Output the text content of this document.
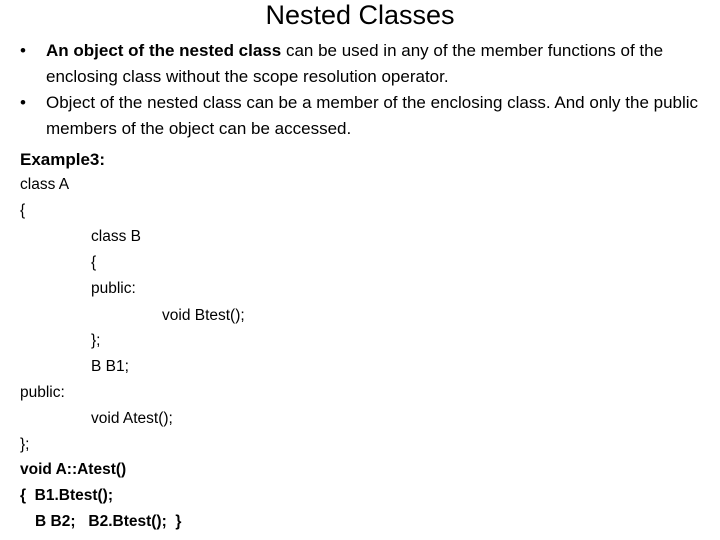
Nested Classes
• An object of the nested class can be used in any of the member functions of the enclosing class without the scope resolution operator.
• Object of the nested class can be a member of the enclosing class. And only the public members of the object can be accessed.
Example3:
class A
{
class B
{
public:
void Btest();
};
B B1;
public:
void Atest();
};
void A::Atest()
{  B1.Btest();
B B2;   B2.Btest();  }
